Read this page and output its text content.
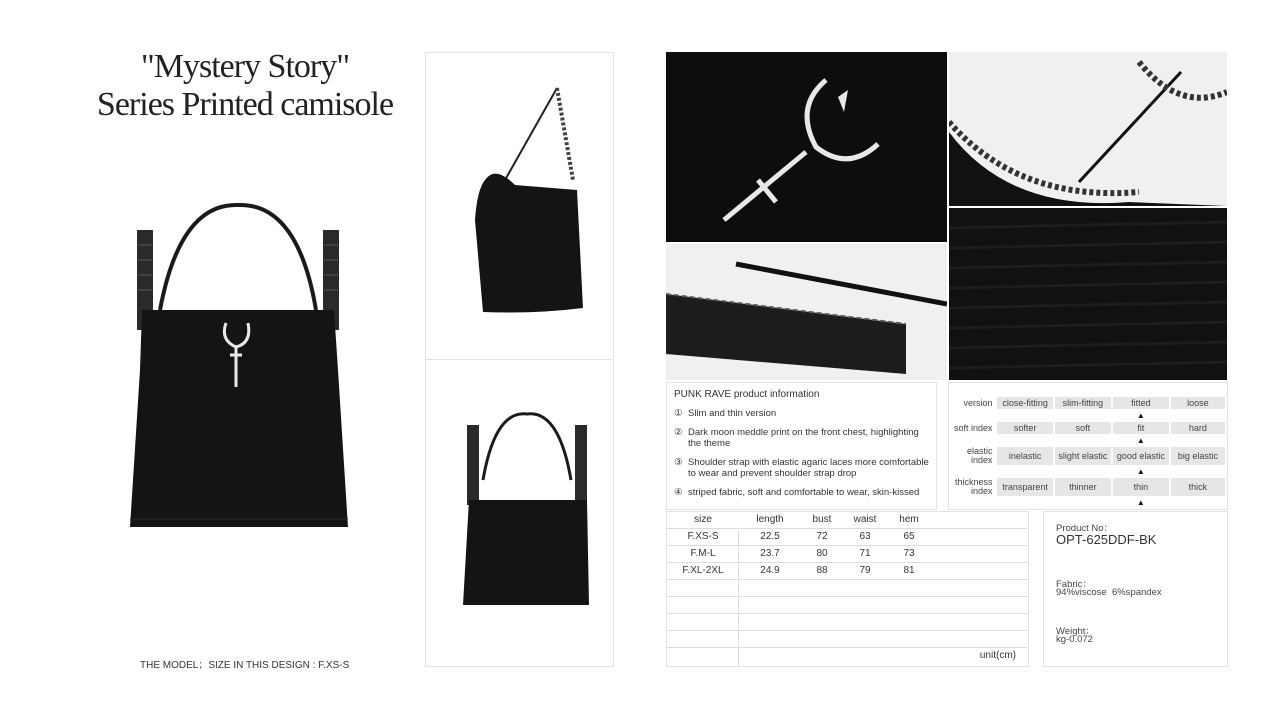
"Mystery Story"
Series Printed camisole
THE MODEL；SIZE IN THIS DESIGN : F.XS-S
PUNK RAVE product information
① Slim and thin version
② Dark moon meddle print on the front chest, highlighting the theme
③ Shoulder strap with elastic agaric laces more comfortable to wear and prevent shoulder strap drop
④ striped fabric, soft and comfortable to wear, skin-kissed
version	close-fitting	slim-fitting	fitted	loose
			▲	
soft index	softer	soft	fit	hard
			▲	
elastic index	inelastic	slight elastic	good elastic	big elastic
			▲	
thickness index	transparent	thinner	thin	thick
			▲	
size	length	bust	waist	hem
F.XS-S	22.5	72	63	65
F.M-L	23.7	80	71	73
F.XL-2XL	24.9	88	79	81
unit(cm)
Product No：
OPT-625DDF-BK
Fabric：
94%viscose  6%spandex
Weight：
kg-0.072
